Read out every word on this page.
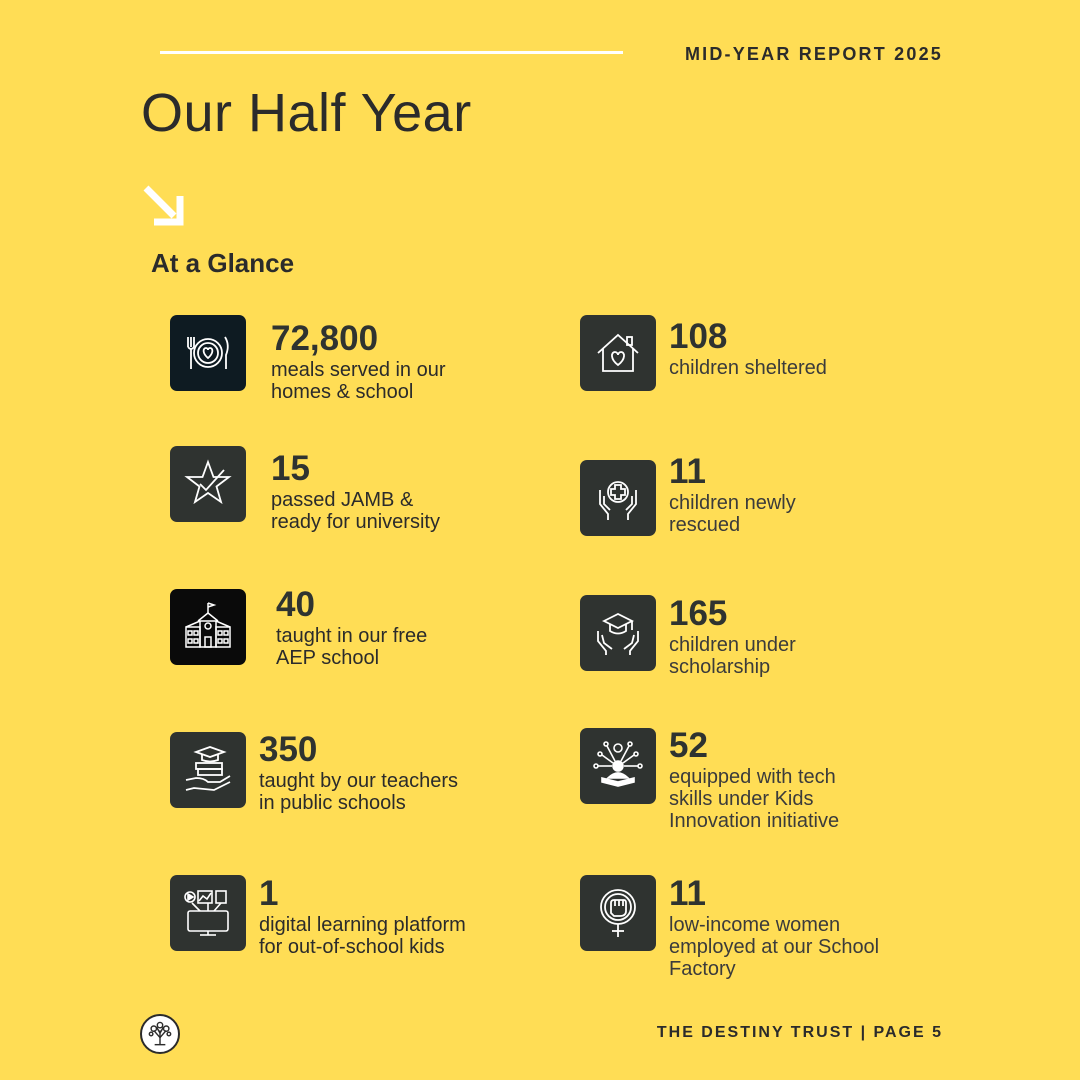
MID-YEAR REPORT 2025
Our Half Year
At a Glance
72,800
meals served in our
homes & school
108
children sheltered
15
passed JAMB &
ready for university
11
children newly
rescued
40
taught in our free
AEP school
165
children under
scholarship
350
taught by our teachers
in public schools
52
equipped with tech
skills under Kids
Innovation initiative
1
digital learning platform
for out-of-school kids
11
low-income women
employed at our School
Factory
THE DESTINY TRUST | PAGE 5
